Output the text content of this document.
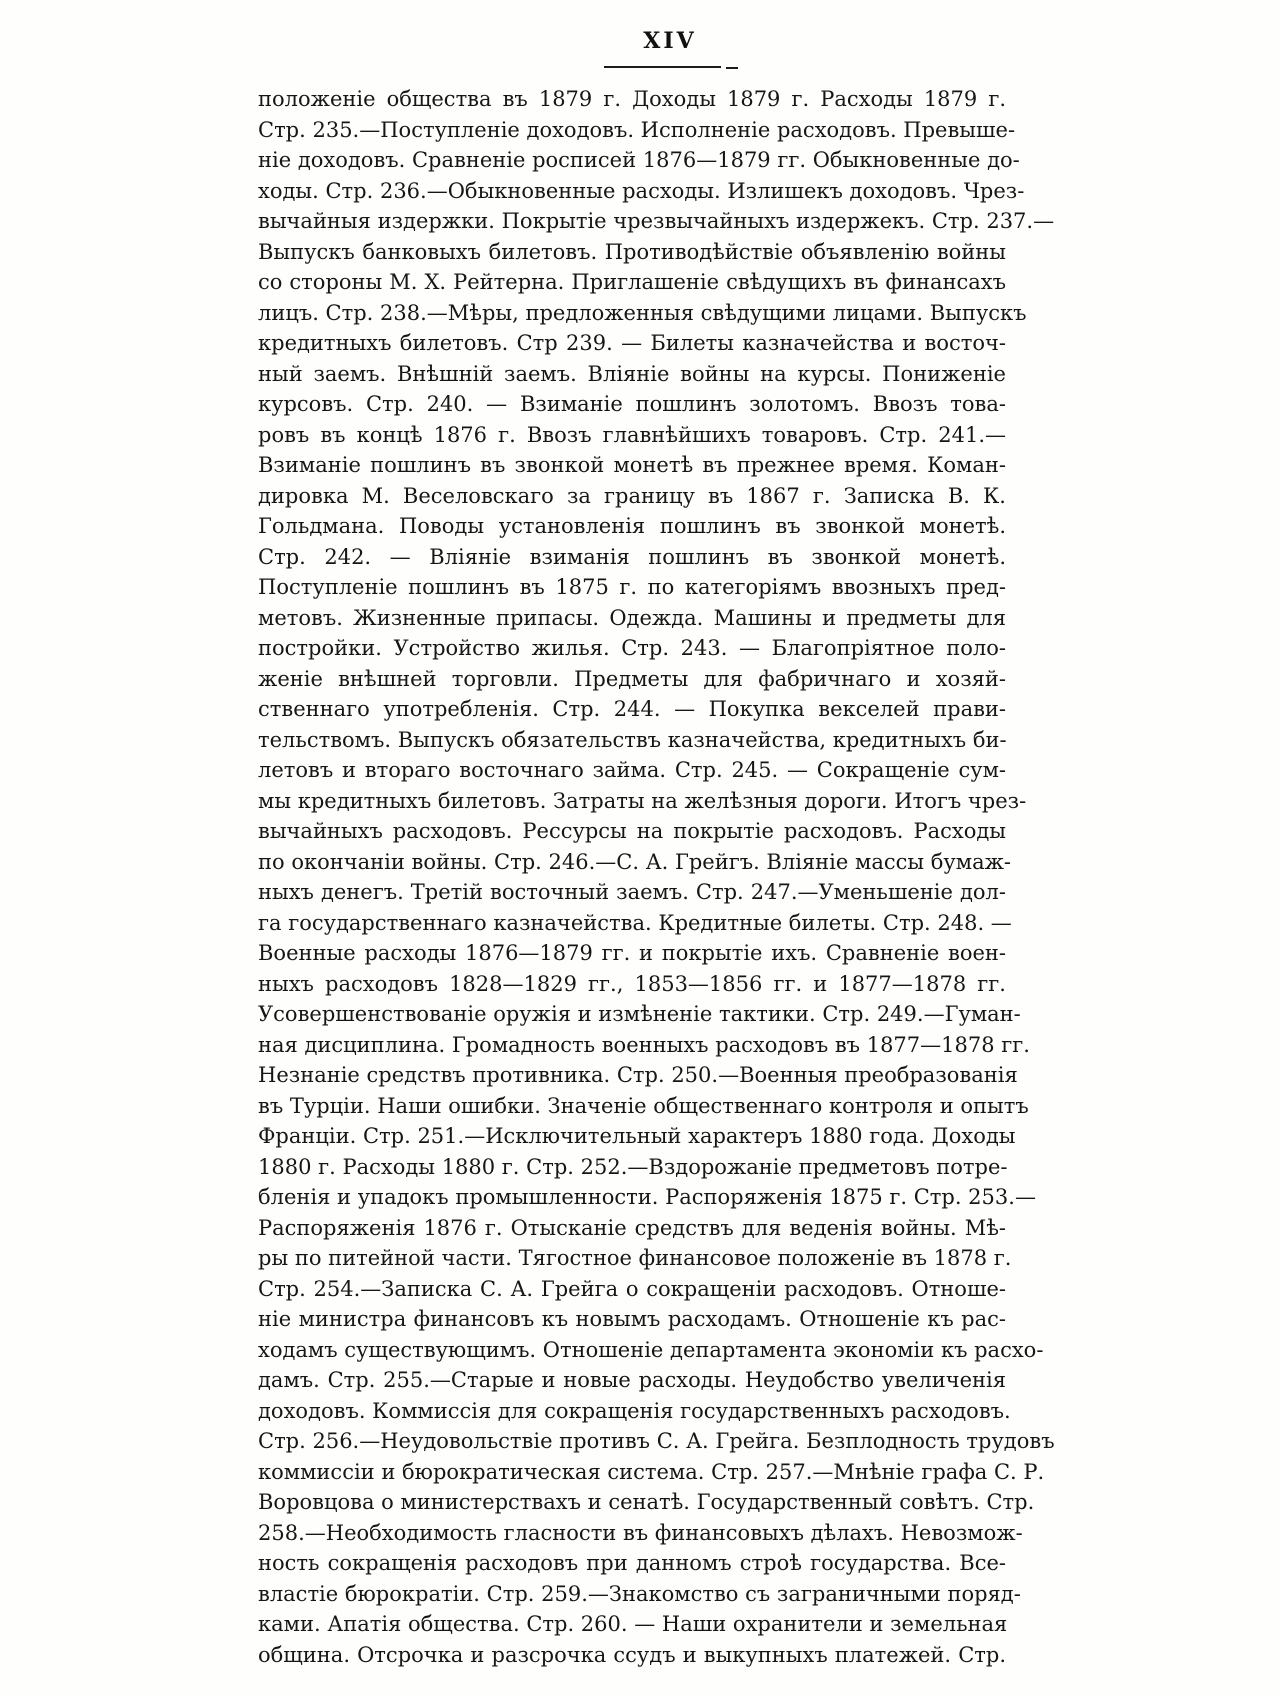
XIV
положеніе общества въ 1879 г. Доходы 1879 г. Расходы 1879 г.
Стр. 235.—Поступленіе доходовъ. Исполненіе расходовъ. Превыше-
ніе доходовъ. Сравненіе росписей 1876—1879 гг. Обыкновенные до-
ходы. Стр. 236.—Обыкновенные расходы. Излишекъ доходовъ. Чрез-
вычайныя издержки. Покрытіе чрезвычайныхъ издержекъ. Стр. 237.—
Выпускъ банковыхъ билетовъ. Противодѣйствіе объявленію войны
со стороны М. Х. Рейтерна. Приглашеніе свѣдущихъ въ финансахъ
лицъ. Стр. 238.—Мѣры, предложенныя свѣдущими лицами. Выпускъ
кредитныхъ билетовъ. Стр 239. — Билеты казначейства и восточ-
ный заемъ. Внѣшній заемъ. Вліяніе войны на курсы. Пониженіе
курсовъ. Стр. 240. — Взиманіе пошлинъ золотомъ. Ввозъ това-
ровъ въ концѣ 1876 г. Ввозъ главнѣйшихъ товаровъ. Стр. 241.—
Взиманіе пошлинъ въ звонкой монетѣ въ прежнее время. Коман-
дировка М. Веселовскаго за границу въ 1867 г. Записка В. К.
Гольдмана. Поводы установленія пошлинъ въ звонкой монетѣ.
Стр. 242. — Вліяніе взиманія пошлинъ въ звонкой монетѣ.
Поступленіе пошлинъ въ 1875 г. по категоріямъ ввозныхъ пред-
метовъ. Жизненные припасы. Одежда. Машины и предметы для
постройки. Устройство жилья. Стр. 243. — Благопріятное поло-
женіе внѣшней торговли. Предметы для фабричнаго и хозяй-
ственнаго употребленія. Стр. 244. — Покупка векселей прави-
тельствомъ. Выпускъ обязательствъ казначейства, кредитныхъ би-
летовъ и втораго восточнаго займа. Стр. 245. — Сокращеніе сум-
мы кредитныхъ билетовъ. Затраты на желѣзныя дороги. Итогъ чрез-
вычайныхъ расходовъ. Рессурсы на покрытіе расходовъ. Расходы
по окончаніи войны. Стр. 246.—С. А. Грейгъ. Вліяніе массы бумаж-
ныхъ денегъ. Третій восточный заемъ. Стр. 247.—Уменьшеніе дол-
га государственнаго казначейства. Кредитные билеты. Стр. 248. —
Военные расходы 1876—1879 гг. и покрытіе ихъ. Сравненіе воен-
ныхъ расходовъ 1828—1829 гг., 1853—1856 гг. и 1877—1878 гг.
Усовершенствованіе оружія и измѣненіе тактики. Стр. 249.—Гуман-
ная дисциплина. Громадность военныхъ расходовъ въ 1877—1878 гг.
Незнаніе средствъ противника. Стр. 250.—Военныя преобразованія
въ Турціи. Наши ошибки. Значеніе общественнаго контроля и опытъ
Франціи. Стр. 251.—Исключительный характеръ 1880 года. Доходы
1880 г. Расходы 1880 г. Стр. 252.—Вздорожаніе предметовъ потре-
бленія и упадокъ промышленности. Распоряженія 1875 г. Стр. 253.—
Распоряженія 1876 г. Отысканіе средствъ для веденія войны. Мѣ-
ры по питейной части. Тягостное финансовое положеніе въ 1878 г.
Стр. 254.—Записка С. А. Грейга о сокращеніи расходовъ. Отноше-
ніе министра финансовъ къ новымъ расходамъ. Отношеніе къ рас-
ходамъ существующимъ. Отношеніе департамента экономіи къ расхо-
дамъ. Стр. 255.—Старые и новые расходы. Неудобство увеличенія
доходовъ. Коммиссія для сокращенія государственныхъ расходовъ.
Стр. 256.—Неудовольствіе противъ С. А. Грейга. Безплодность трудовъ
коммиссіи и бюрократическая система. Стр. 257.—Мнѣніе графа С. Р.
Воровцова о министерствахъ и сенатѣ. Государственный совѣтъ. Стр.
258.—Необходимость гласности въ финансовыхъ дѣлахъ. Невозмож-
ность сокращенія расходовъ при данномъ строѣ государства. Все-
властіе бюрократіи. Стр. 259.—Знакомство съ заграничными поряд-
ками. Апатія общества. Стр. 260. — Наши охранители и земельная
община. Отсрочка и разсрочка ссудъ и выкупныхъ платежей. Стр.
